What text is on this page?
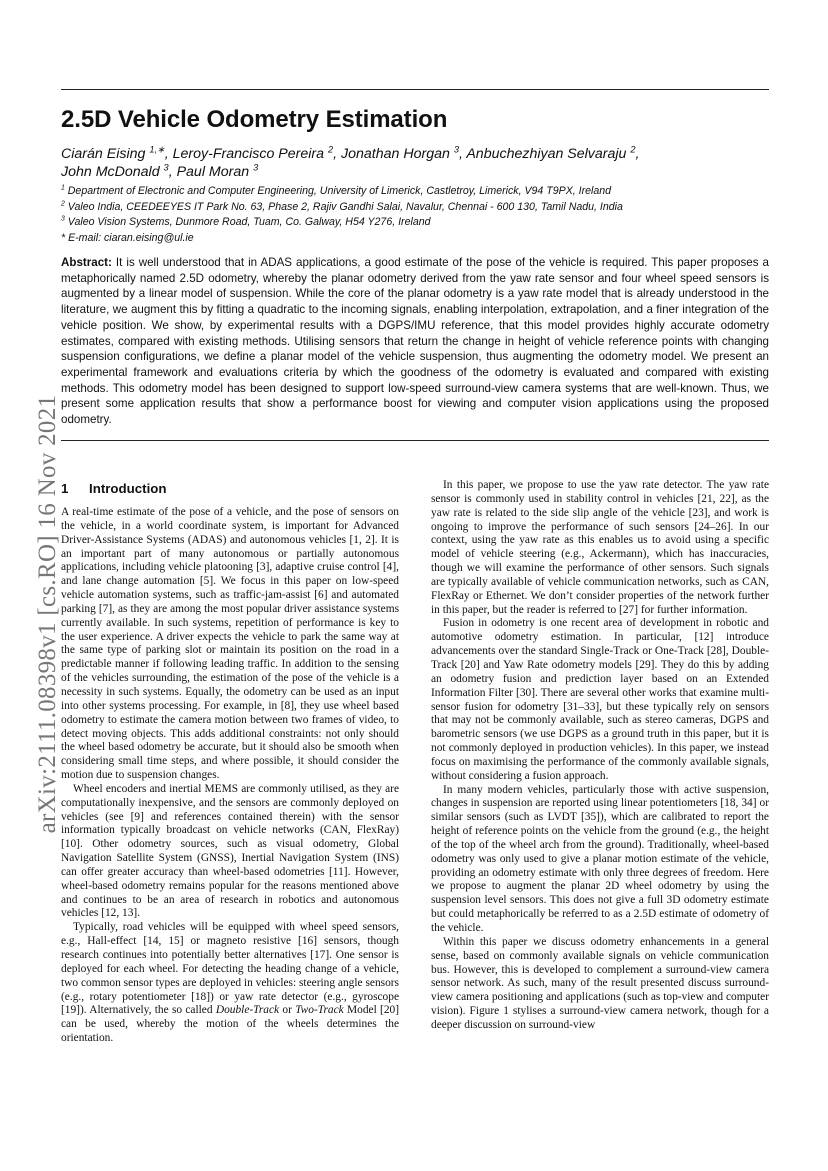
arXiv:2111.08398v1 [cs.RO] 16 Nov 2021
2.5D Vehicle Odometry Estimation
Ciarán Eising $^{1,∗}$, Leroy-Francisco Pereira $^2$, Jonathan Horgan $^3$, Anbuchezhiyan Selvaraju $^2$,
John McDonald $^3$, Paul Moran $^3$
$^1$ Department of Electronic and Computer Engineering, University of Limerick, Castletroy, Limerick, V94 T9PX, Ireland
$^2$ Valeo India, CEEDEEYES IT Park No. 63, Phase 2, Rajiv Gandhi Salai, Navalur, Chennai - 600 130, Tamil Nadu, India
$^3$ Valeo Vision Systems, Dunmore Road, Tuam, Co. Galway, H54 Y276, Ireland
* E-mail: ciaran.eising@ul.ie
Abstract: It is well understood that in ADAS applications, a good estimate of the pose of the vehicle is required. This paper proposes a metaphorically named 2.5D odometry, whereby the planar odometry derived from the yaw rate sensor and four wheel speed sensors is augmented by a linear model of suspension. While the core of the planar odometry is a yaw rate model that is already understood in the literature, we augment this by fitting a quadratic to the incoming signals, enabling interpolation, extrapolation, and a finer integration of the vehicle position. We show, by experimental results with a DGPS/IMU reference, that this model provides highly accurate odometry estimates, compared with existing methods. Utilising sensors that return the change in height of vehicle reference points with changing suspension configurations, we define a planar model of the vehicle suspension, thus augmenting the odometry model. We present an experimental framework and evaluations criteria by which the goodness of the odometry is evaluated and compared with existing methods. This odometry model has been designed to support low-speed surround-view camera systems that are well-known. Thus, we present some application results that show a performance boost for viewing and computer vision applications using the proposed odometry.
1 Introduction

A real-time estimate of the pose of a vehicle, and the pose of sensors on the vehicle, in a world coordinate system, is important for Advanced Driver-Assistance Systems (ADAS) and autonomous vehicles [1, 2]. It is an important part of many autonomous or partially autonomous applications, including vehicle platooning [3], adaptive cruise control [4], and lane change automation [5]. We focus in this paper on low-speed vehicle automation systems, such as traffic-jam-assist [6] and automated parking [7], as they are among the most popular driver assistance systems currently available. In such systems, repetition of performance is key to the user experience. A driver expects the vehicle to park the same way at the same type of parking slot or maintain its position on the road in a predictable manner if following leading traffic. In addition to the sensing of the vehicles surrounding, the estimation of the pose of the vehicle is a necessity in such systems. Equally, the odometry can be used as an input into other systems processing. For example, in [8], they use wheel based odometry to estimate the camera motion between two frames of video, to detect moving objects. This adds additional constraints: not only should the wheel based odometry be accurate, but it should also be smooth when considering small time steps, and where possible, it should consider the motion due to suspension changes.

Wheel encoders and inertial MEMS are commonly utilised, as they are computationally inexpensive, and the sensors are commonly deployed on vehicles (see [9] and references contained therein) with the sensor information typically broadcast on vehicle networks (CAN, FlexRay) [10]. Other odometry sources, such as visual odometry, Global Navigation Satellite System (GNSS), Inertial Navigation System (INS) can offer greater accuracy than wheel-based odometries [11]. However, wheel-based odometry remains popular for the reasons mentioned above and continues to be an area of research in robotics and autonomous vehicles [12, 13].

Typically, road vehicles will be equipped with wheel speed sensors, e.g., Hall-effect [14, 15] or magneto resistive [16] sensors, though research continues into potentially better alternatives [17]. One sensor is deployed for each wheel. For detecting the heading change of a vehicle, two common sensor types are deployed in vehicles: steering angle sensors (e.g., rotary potentiometer [18]) or yaw rate detector (e.g., gyroscope [19]). Alternatively, the so called Double-Track or Two-Track Model [20] can be used, whereby the motion of the wheels determines the orientation.

In this paper, we propose to use the yaw rate detector. The yaw rate sensor is commonly used in stability control in vehicles [21, 22], as the yaw rate is related to the side slip angle of the vehicle [23], and work is ongoing to improve the performance of such sensors [24–26]. In our context, using the yaw rate as this enables us to avoid using a specific model of vehicle steering (e.g., Ackermann), which has inaccuracies, though we will examine the performance of other sensors. Such signals are typically available of vehicle communication networks, such as CAN, FlexRay or Ethernet. We don’t consider properties of the network further in this paper, but the reader is referred to [27] for further information.

Fusion in odometry is one recent area of development in robotic and automotive odometry estimation. In particular, [12] introduce advancements over the standard Single-Track or One-Track [28], Double-Track [20] and Yaw Rate odometry models [29]. They do this by adding an odometry fusion and prediction layer based on an Extended Information Filter [30]. There are several other works that examine multi-sensor fusion for odometry [31–33], but these typically rely on sensors that may not be commonly available, such as stereo cameras, DGPS and barometric sensors (we use DGPS as a ground truth in this paper, but it is not commonly deployed in production vehicles). In this paper, we instead focus on maximising the performance of the commonly available signals, without considering a fusion approach.

In many modern vehicles, particularly those with active suspension, changes in suspension are reported using linear potentiometers [18, 34] or similar sensors (such as LVDT [35]), which are calibrated to report the height of reference points on the vehicle from the ground (e.g., the height of the top of the wheel arch from the ground). Traditionally, wheel-based odometry was only used to give a planar motion estimate of the vehicle, providing an odometry estimate with only three degrees of freedom. Here we propose to augment the planar 2D wheel odometry by using the suspension level sensors. This does not give a full 3D odometry estimate but could metaphorically be referred to as a 2.5D estimate of odometry of the vehicle.

Within this paper we discuss odometry enhancements in a general sense, based on commonly available signals on vehicle communication bus. However, this is developed to complement a surround-view camera sensor network. As such, many of the result presented discuss surround-view camera positioning and applications (such as top-view and computer vision). Figure 1 stylises a surround-view camera network, though for a deeper discussion on surround-view
